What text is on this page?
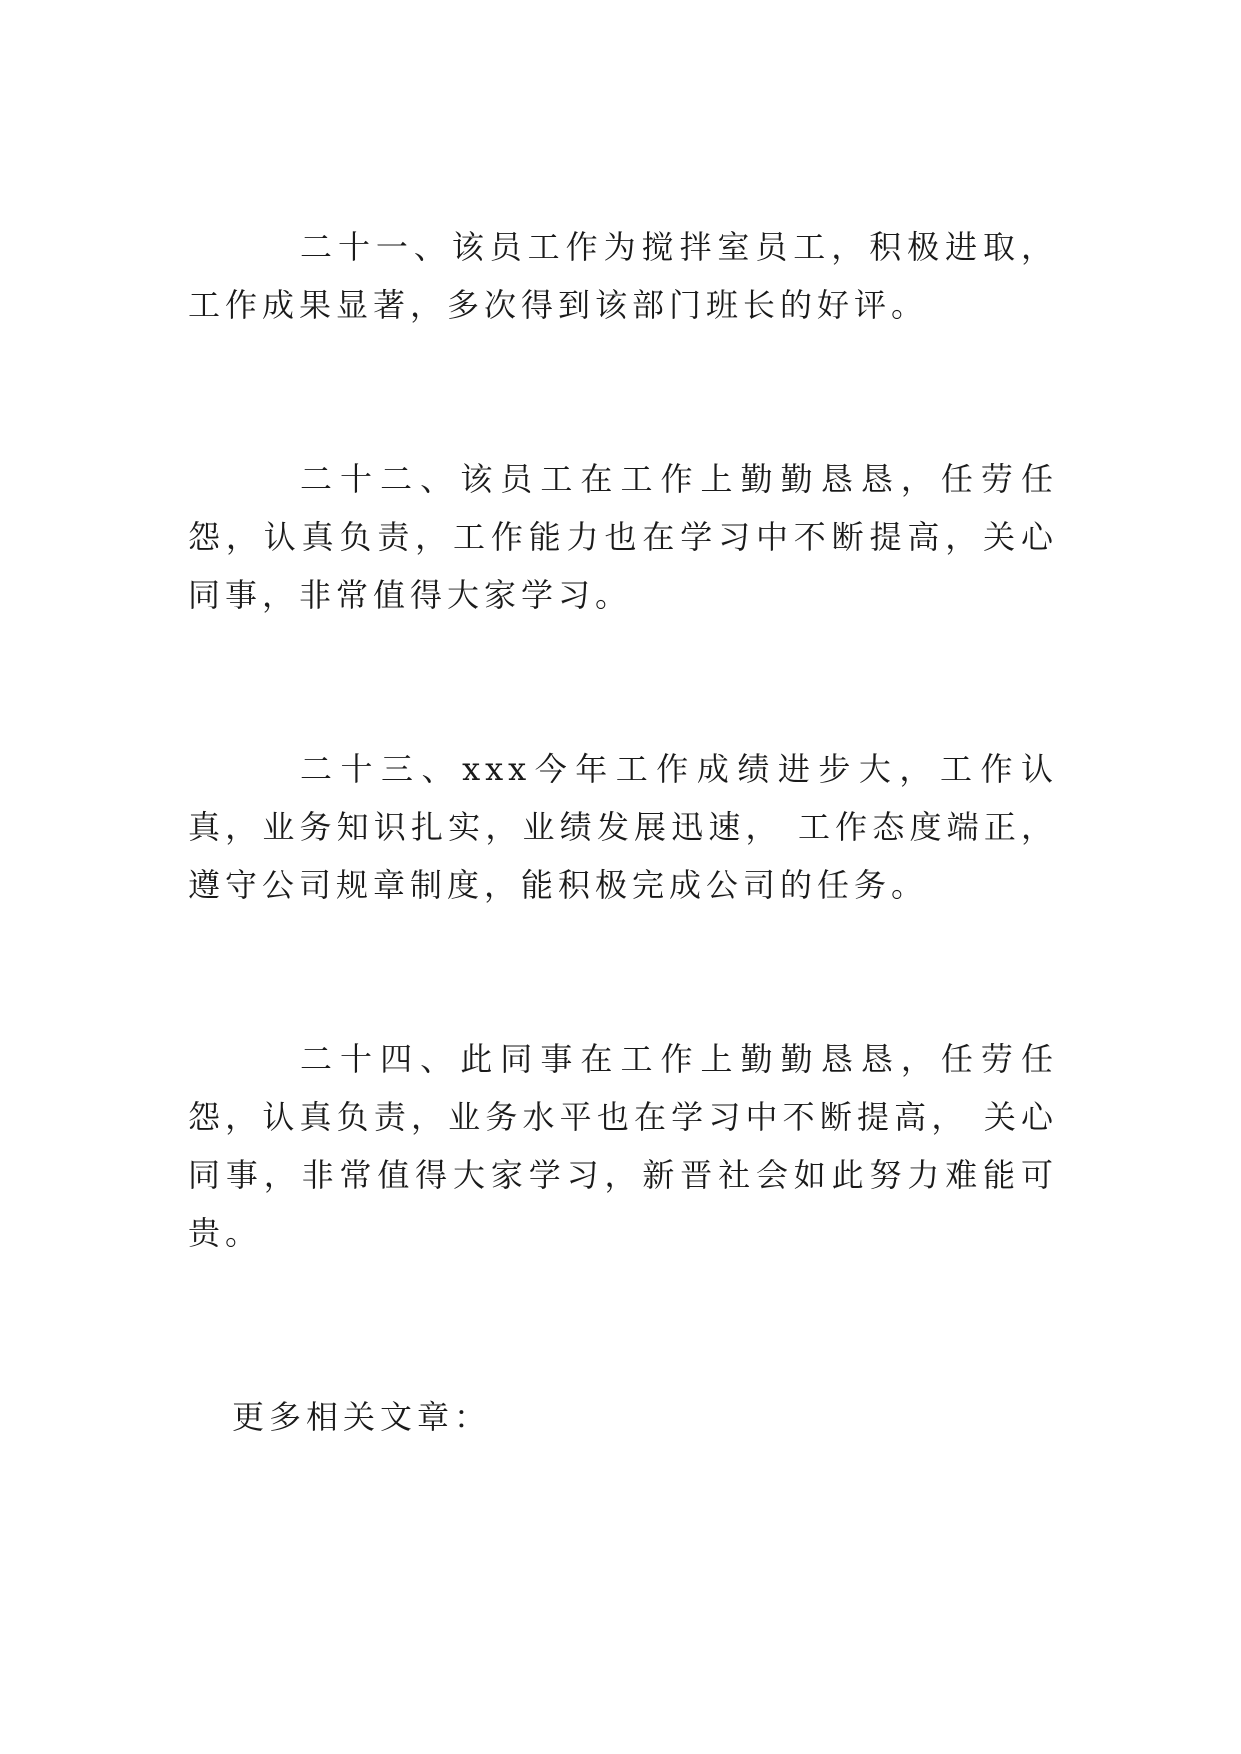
二十一、该员工作为搅拌室员工，积极进取，工作成果显著，多次得到该部门班长的好评。

二十二、该员工在工作上勤勤恳恳，任劳任怨，认真负责，工作能力也在学习中不断提高，关心同事，非常值得大家学习。

二十三、xxx今年工作成绩进步大，工作认真，业务知识扎实，业绩发展迅速， 工作态度端正，遵守公司规章制度，能积极完成公司的任务。

二十四、此同事在工作上勤勤恳恳，任劳任怨，认真负责，业务水平也在学习中不断提高， 关心同事，非常值得大家学习，新晋社会如此努力难能可贵。

更多相关文章：
